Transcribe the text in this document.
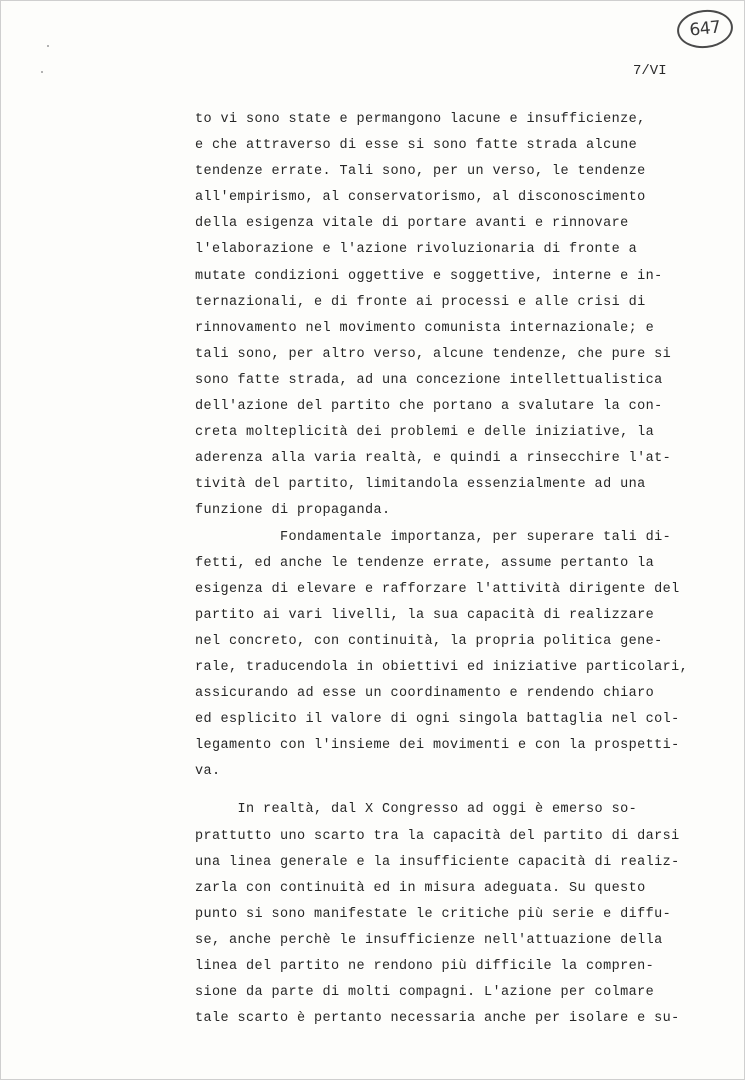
647
7/VI
to vi sono state e permangono lacune e insufficienze,
e che attraverso di esse si sono fatte strada alcune
tendenze errate. Tali sono, per un verso, le tendenze
all'empirismo, al conservatorismo, al disconoscimento
della esigenza vitale di portare avanti e rinnovare
l'elaborazione e l'azione rivoluzionaria di fronte a
mutate condizioni oggettive e soggettive, interne e in-
ternazionali, e di fronte ai processi e alle crisi di
rinnovamento nel movimento comunista internazionale; e
tali sono, per altro verso, alcune tendenze, che pure si
sono fatte strada, ad una concezione intellettualistica
dell'azione del partito che portano a svalutare la con-
creta molteplicità dei problemi e delle iniziative, la
aderenza alla varia realtà, e quindi a rinsecchire l'at-
tività del partito, limitandola essenzialmente ad una
funzione di propaganda.
Fondamentale importanza, per superare tali di-
fetti, ed anche le tendenze errate, assume pertanto la
esigenza di elevare e rafforzare l'attività dirigente del
partito ai vari livelli, la sua capacità di realizzare
nel concreto, con continuità, la propria politica gene-
rale, traducendola in obiettivi ed iniziative particolari,
assicurando ad esse un coordinamento e rendendo chiaro
ed esplicito il valore di ogni singola battaglia nel col-
legamento con l'insieme dei movimenti e con la prospetti-
va.
In realtà, dal X Congresso ad oggi è emerso so-
prattutto uno scarto tra la capacità del partito di darsi
una linea generale e la insufficiente capacità di realiz-
zarla con continuità ed in misura adeguata. Su questo
punto si sono manifestate le critiche più serie e diffu-
se, anche perchè le insufficienze nell'attuazione della
linea del partito ne rendono più difficile la compren-
sione da parte di molti compagni. L'azione per colmare
tale scarto è pertanto necessaria anche per isolare e su-
